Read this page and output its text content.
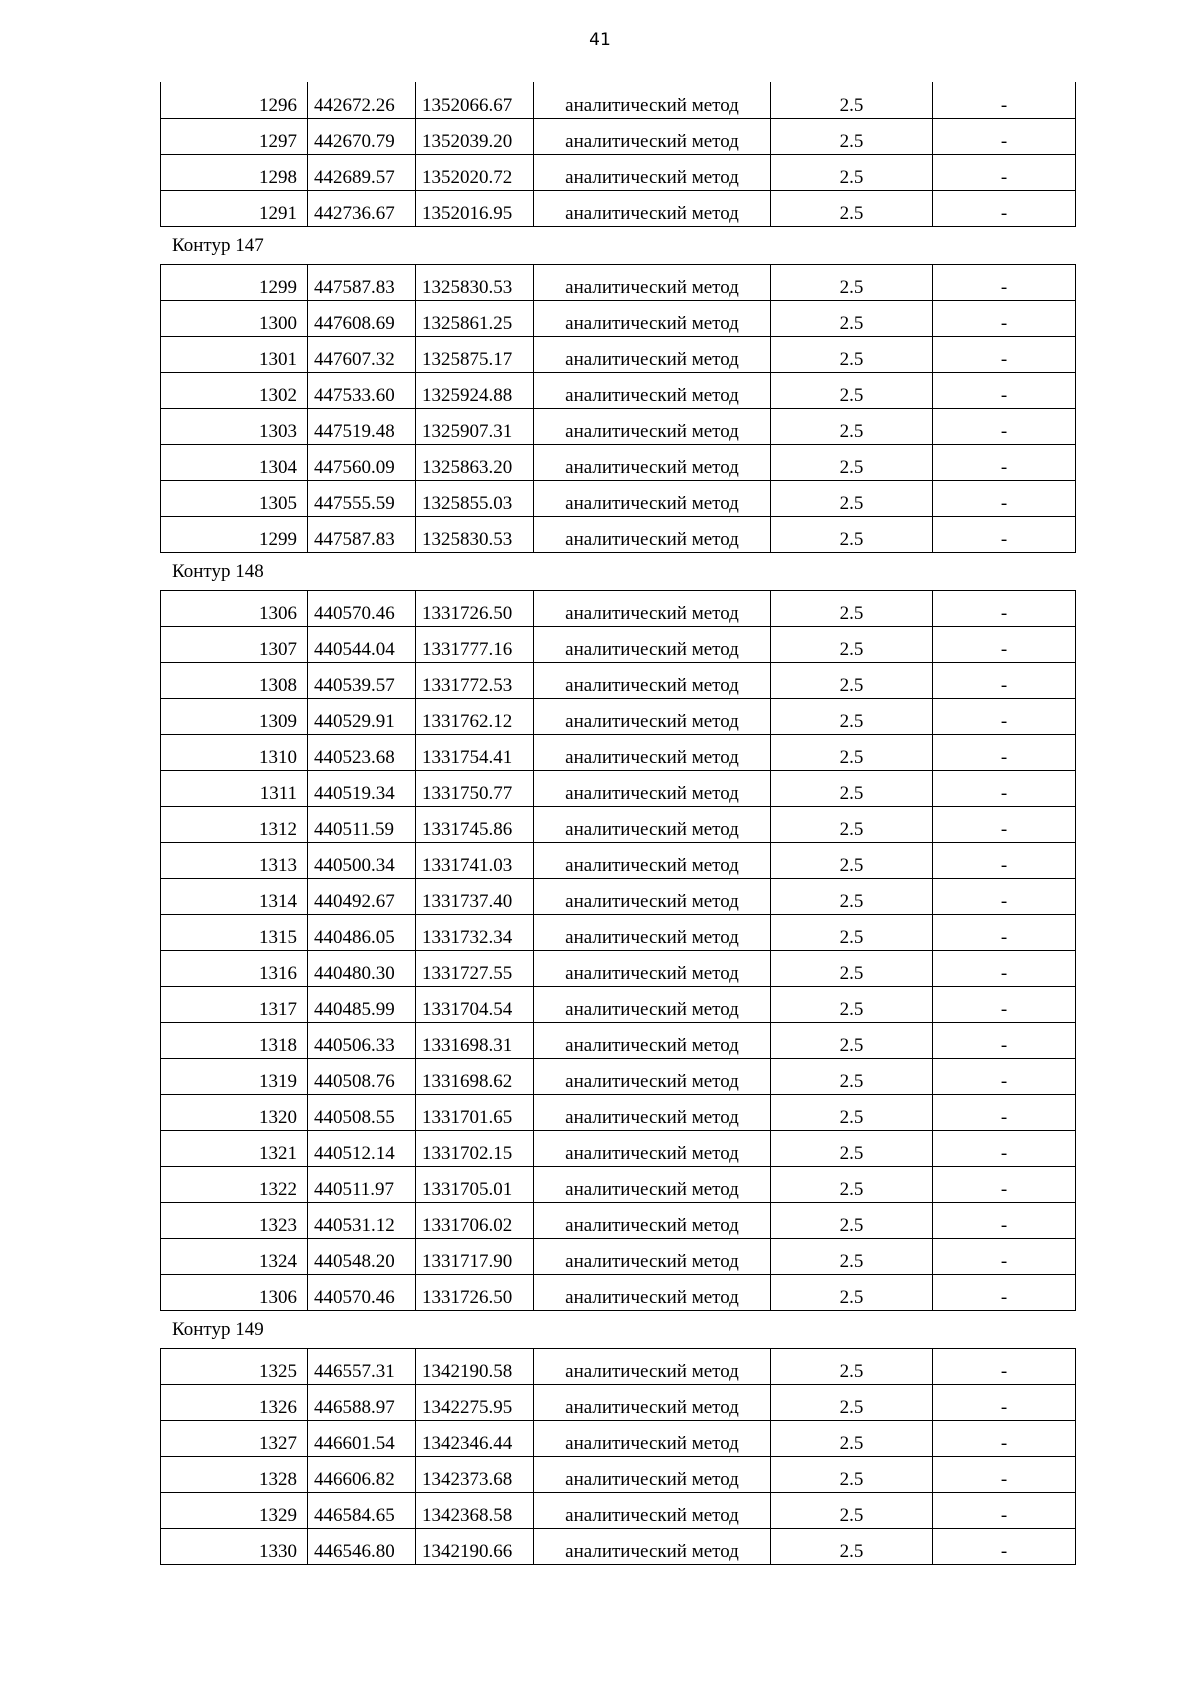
41
1296	442672.26	1352066.67	аналитический метод	2.5	-
1297	442670.79	1352039.20	аналитический метод	2.5	-
1298	442689.57	1352020.72	аналитический метод	2.5	-
1291	442736.67	1352016.95	аналитический метод	2.5	-
Контур 147
1299	447587.83	1325830.53	аналитический метод	2.5	-
1300	447608.69	1325861.25	аналитический метод	2.5	-
1301	447607.32	1325875.17	аналитический метод	2.5	-
1302	447533.60	1325924.88	аналитический метод	2.5	-
1303	447519.48	1325907.31	аналитический метод	2.5	-
1304	447560.09	1325863.20	аналитический метод	2.5	-
1305	447555.59	1325855.03	аналитический метод	2.5	-
1299	447587.83	1325830.53	аналитический метод	2.5	-
Контур 148
1306	440570.46	1331726.50	аналитический метод	2.5	-
1307	440544.04	1331777.16	аналитический метод	2.5	-
1308	440539.57	1331772.53	аналитический метод	2.5	-
1309	440529.91	1331762.12	аналитический метод	2.5	-
1310	440523.68	1331754.41	аналитический метод	2.5	-
1311	440519.34	1331750.77	аналитический метод	2.5	-
1312	440511.59	1331745.86	аналитический метод	2.5	-
1313	440500.34	1331741.03	аналитический метод	2.5	-
1314	440492.67	1331737.40	аналитический метод	2.5	-
1315	440486.05	1331732.34	аналитический метод	2.5	-
1316	440480.30	1331727.55	аналитический метод	2.5	-
1317	440485.99	1331704.54	аналитический метод	2.5	-
1318	440506.33	1331698.31	аналитический метод	2.5	-
1319	440508.76	1331698.62	аналитический метод	2.5	-
1320	440508.55	1331701.65	аналитический метод	2.5	-
1321	440512.14	1331702.15	аналитический метод	2.5	-
1322	440511.97	1331705.01	аналитический метод	2.5	-
1323	440531.12	1331706.02	аналитический метод	2.5	-
1324	440548.20	1331717.90	аналитический метод	2.5	-
1306	440570.46	1331726.50	аналитический метод	2.5	-
Контур 149
1325	446557.31	1342190.58	аналитический метод	2.5	-
1326	446588.97	1342275.95	аналитический метод	2.5	-
1327	446601.54	1342346.44	аналитический метод	2.5	-
1328	446606.82	1342373.68	аналитический метод	2.5	-
1329	446584.65	1342368.58	аналитический метод	2.5	-
1330	446546.80	1342190.66	аналитический метод	2.5	-
